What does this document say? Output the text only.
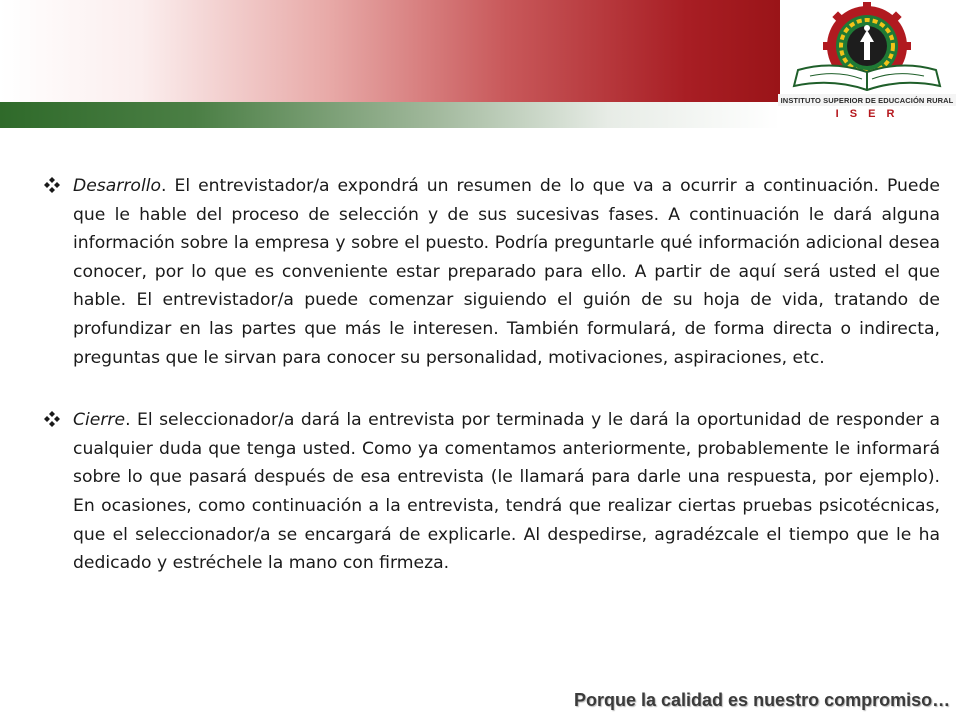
INSTITUTO SUPERIOR DE EDUCACIÓN RURAL
I S E R

Desarrollo. El entrevistador/a expondrá un resumen de lo que va a ocurrir a continuación. Puede que le hable del proceso de selección y de sus sucesivas fases. A continuación le dará alguna información sobre la empresa y sobre el puesto. Podría preguntarle qué información adicional desea conocer, por lo que es conveniente estar preparado para ello. A partir de aquí será usted el que hable. El entrevistador/a puede comenzar siguiendo el guión de su hoja de vida, tratando de profundizar en las partes que más le interesen. También formulará, de forma directa o indirecta, preguntas que le sirvan para conocer su personalidad, motivaciones, aspiraciones, etc.

Cierre. El seleccionador/a dará la entrevista por terminada y le dará la oportunidad de responder a cualquier duda que tenga usted. Como ya comentamos anteriormente, probablemente le informará sobre lo que pasará después de esa entrevista (le llamará para darle una respuesta, por ejemplo). En ocasiones, como continuación a la entrevista, tendrá que realizar ciertas pruebas psicotécnicas, que el seleccionador/a se encargará de explicarle. Al despedirse, agradézcale el tiempo que le ha dedicado y estréchele la mano con firmeza.

Porque la calidad es nuestro compromiso…
